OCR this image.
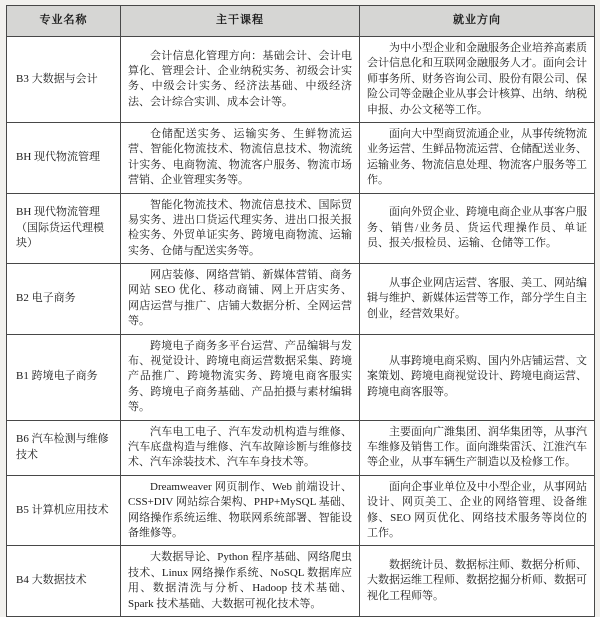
专业名称	主干课程	就业方向
B3 大数据与会计	会计信息化管理方向：基础会计、会计电算化、管理会计、企业纳税实务、初级会计实务、中级会计实务、经济法基础、中级经济法、会计综合实训、成本会计等。	为中小型企业和金融服务企业培养高素质会计信息化和互联网金融服务人才。面向会计师事务所、财务咨询公司、股份有限公司、保险公司等金融企业从事会计核算、出纳、纳税申报、办公文秘等工作。

BH 现代物流管理	仓储配送实务、运输实务、生鲜物流运营、智能化物流技术、物流信息技术、物流统计实务、电商物流、物流客户服务、物流市场营销、企业管理实务等。	面向大中型商贸流通企业，从事传统物流业务运营、生鲜品物流运营、仓储配送业务、运输业务、物流信息处理、物流客户服务等工作。

BH 现代物流管理（国际货运代理模块）	智能化物流技术、物流信息技术、国际贸易实务、进出口货运代理实务、进出口报关报检实务、外贸单证实务、跨境电商物流、运输实务、仓储与配送实务等。	面向外贸企业、跨境电商企业从事客户服务、销售/业务员、货运代理操作员、单证员、报关/报检员、运输、仓储等工作。

B2 电子商务	网店装修、网络营销、新媒体营销、商务网站 SEO 优化、移动商铺、网上开店实务、网店运营与推广、店铺大数据分析、全网运营等。	从事企业网店运营、客服、美工、网站编辑与维护、新媒体运营等工作，部分学生自主创业，经营效果好。

B1 跨境电子商务	跨境电子商务多平台运营、产品编辑与发布、视觉设计、跨境电商运营数据采集、跨境产品推广、跨境物流实务、跨境电商客服实务、跨境电子商务基础、产品拍摄与素材编辑等。	从事跨境电商采购、国内外店铺运营、文案策划、跨境电商视觉设计、跨境电商运营、跨境电商客服等。

B6 汽车检测与维修技术	汽车电工电子、汽车发动机构造与维修、汽车底盘构造与维修、汽车故障诊断与维修技术、汽车涂装技术、汽车车身技术等。	主要面向广潍集团、润华集团等，从事汽车维修及销售工作。面向潍柴雷沃、江淮汽车等企业，从事车辆生产制造以及检修工作。

B5 计算机应用技术	Dreamweaver 网页制作、Web 前端设计、CSS+DIV 网站综合架构、PHP+MySQL 基础、网络操作系统运维、物联网系统部署、智能设备维修等。	面向企事业单位及中小型企业，从事网站设计、网页美工、企业的网络管理、设备维修、SEO 网页优化、网络技术服务等岗位的工作。

B4 大数据技术	大数据导论、Python 程序基础、网络爬虫技术、Linux 网络操作系统、NoSQL 数据库应用、数据清洗与分析、Hadoop 技术基础、Spark 技术基础、大数据可视化技术等。	数据统计员、数据标注师、数据分析师、大数据运维工程师、数据挖掘分析师、数据可视化工程师等。
